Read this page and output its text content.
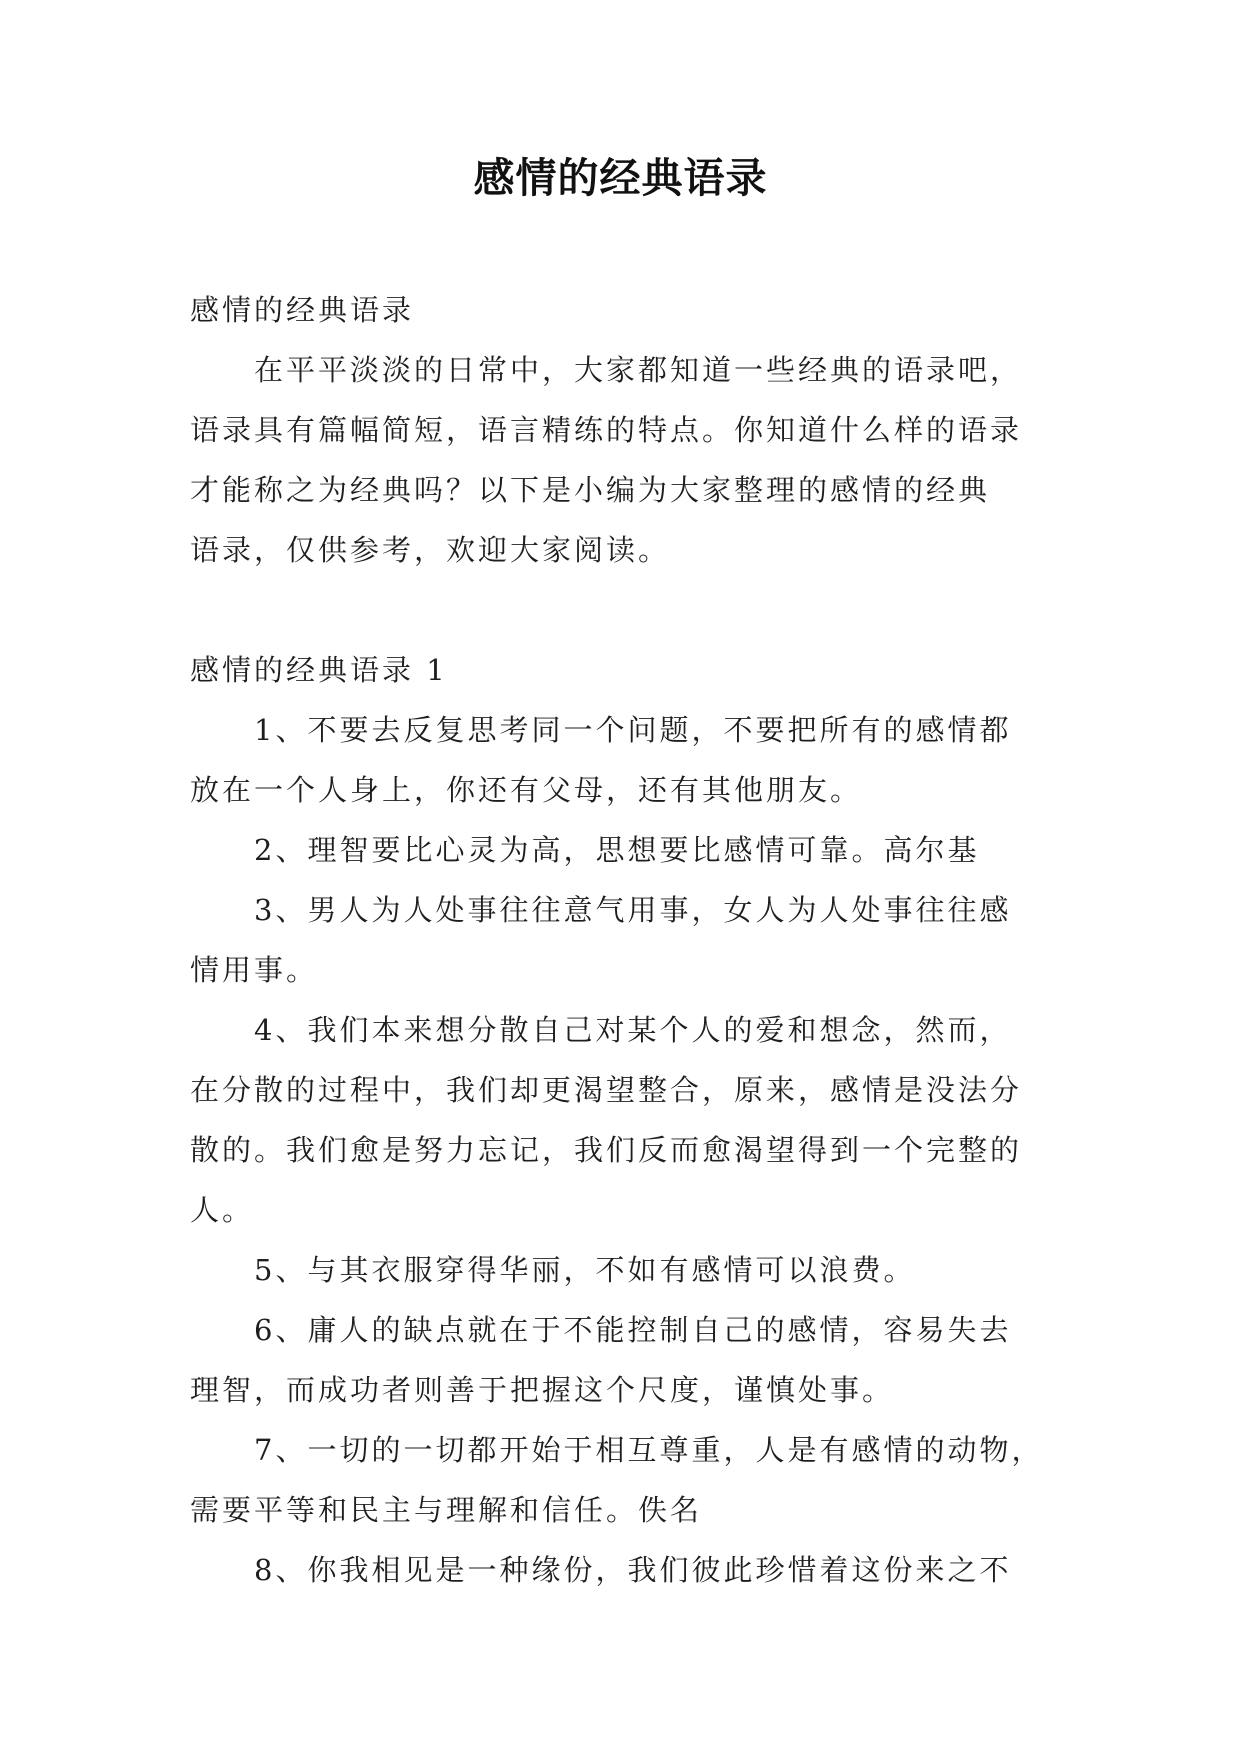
感情的经典语录
感情的经典语录
在平平淡淡的日常中，大家都知道一些经典的语录吧，
语录具有篇幅简短，语言精练的特点。你知道什么样的语录
才能称之为经典吗？以下是小编为大家整理的感情的经典
语录，仅供参考，欢迎大家阅读。
感情的经典语录 1
1、不要去反复思考同一个问题，不要把所有的感情都
放在一个人身上，你还有父母，还有其他朋友。
2、理智要比心灵为高，思想要比感情可靠。高尔基
3、男人为人处事往往意气用事，女人为人处事往往感
情用事。
4、我们本来想分散自己对某个人的爱和想念，然而，
在分散的过程中，我们却更渴望整合，原来，感情是没法分
散的。我们愈是努力忘记，我们反而愈渴望得到一个完整的
人。
5、与其衣服穿得华丽，不如有感情可以浪费。
6、庸人的缺点就在于不能控制自己的感情，容易失去
理智，而成功者则善于把握这个尺度，谨慎处事。
7、一切的一切都开始于相互尊重，人是有感情的动物，
需要平等和民主与理解和信任。佚名
8、你我相见是一种缘份，我们彼此珍惜着这份来之不
